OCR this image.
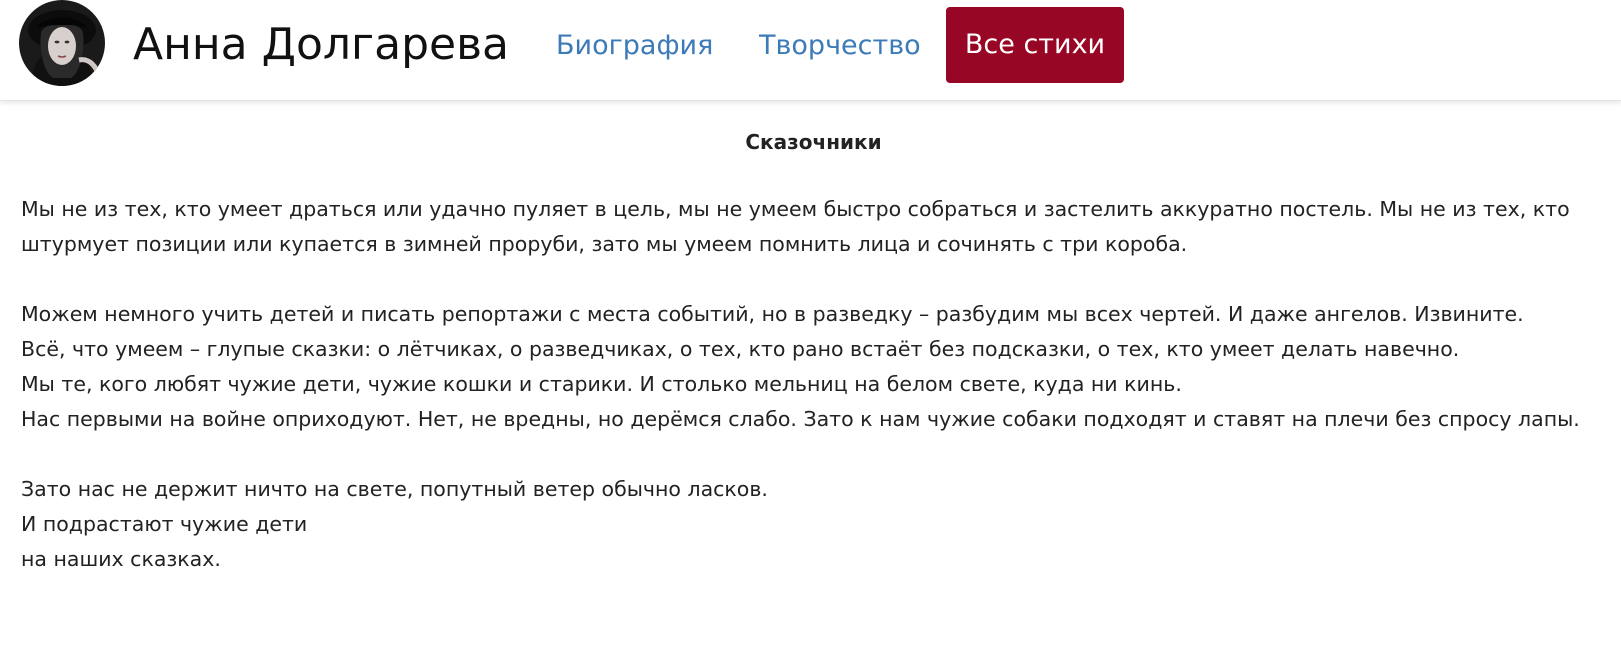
Анна Долгарева Биография Творчество	Все стихи
Сказочники
Мы не из тех, кто умеет драться или удачно пуляет в цель, мы не умеем быстро собраться и застелить аккуратно постель. Мы не из тех, кто штурмует позиции или купается в зимней проруби, зато мы умеем помнить лица и сочинять с три короба.
Можем немного учить детей и писать репортажи с места событий, но в разведку – разбудим мы всех чертей. И даже ангелов. Извините.
Всё, что умеем – глупые сказки: о лётчиках, о разведчиках, о тех, кто рано встаёт без подсказки, о тех, кто умеет делать навечно.
Мы те, кого любят чужие дети, чужие кошки и старики. И столько мельниц на белом свете, куда ни кинь.
Нас первыми на войне оприходуют. Нет, не вредны, но дерёмся слабо. Зато к нам чужие собаки подходят и ставят на плечи без спросу лапы.
Зато нас не держит ничто на свете, попутный ветер обычно ласков.
И подрастают чужие дети
на наших сказках.
